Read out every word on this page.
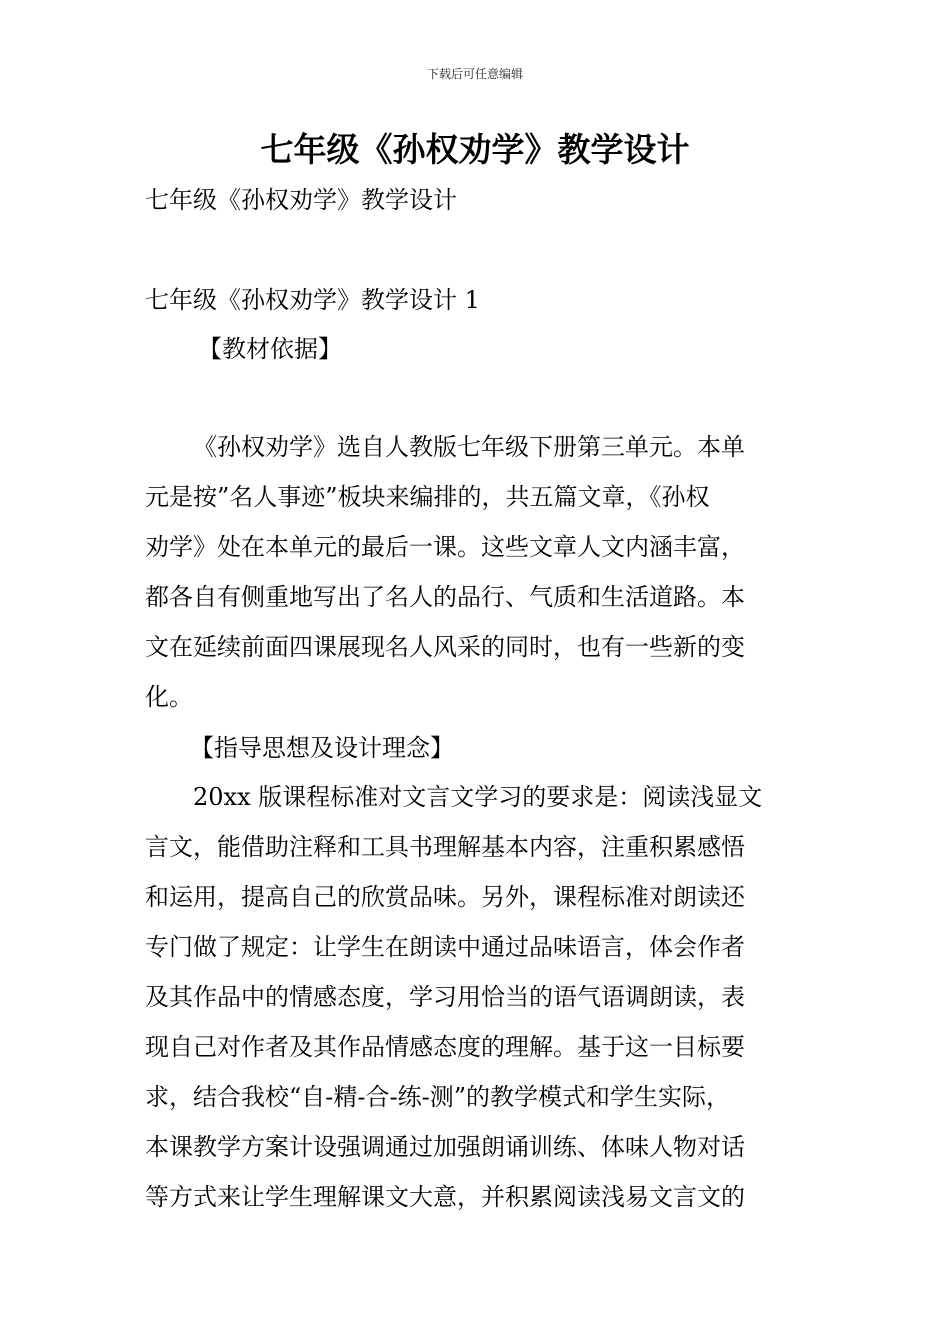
下载后可任意编辑
七年级《孙权劝学》教学设计

七年级《孙权劝学》教学设计

七年级《孙权劝学》教学设计 1

【教材依据】

《孙权劝学》选自人教版七年级下册第三单元。本单
元是按”名人事迹”板块来编排的，共五篇文章，《孙权
劝学》处在本单元的最后一课。这些文章人文内涵丰富，
都各自有侧重地写出了名人的品行、气质和生活道路。本
文在延续前面四课展现名人风采的同时，也有一些新的变
化。

【指导思想及设计理念】

20xx 版课程标准对文言文学习的要求是：阅读浅显文
言文，能借助注释和工具书理解基本内容，注重积累感悟
和运用，提高自己的欣赏品味。另外，课程标准对朗读还
专门做了规定：让学生在朗读中通过品味语言，体会作者
及其作品中的情感态度，学习用恰当的语气语调朗读，表
现自己对作者及其作品情感态度的理解。基于这一目标要
求，结合我校“自-精-合-练-测”的教学模式和学生实际，
本课教学方案计设强调通过加强朗诵训练、体味人物对话
等方式来让学生理解课文大意，并积累阅读浅易文言文的
